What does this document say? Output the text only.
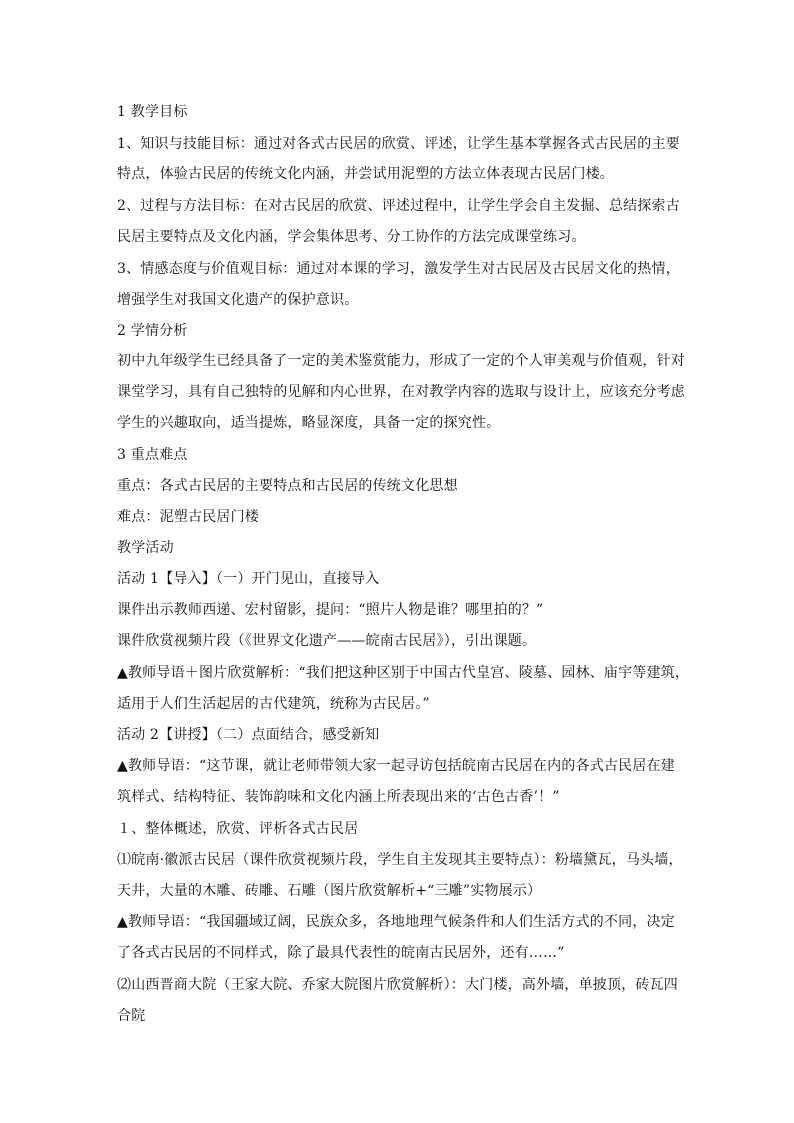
1 教学目标
1、知识与技能目标：通过对各式古民居的欣赏、评述，让学生基本掌握各式古民居的主要
特点，体验古民居的传统文化内涵，并尝试用泥塑的方法立体表现古民居门楼。
2、过程与方法目标：在对古民居的欣赏、评述过程中，让学生学会自主发掘、总结探索古
民居主要特点及文化内涵，学会集体思考、分工协作的方法完成课堂练习。
3、情感态度与价值观目标：通过对本课的学习，激发学生对古民居及古民居文化的热情，
增强学生对我国文化遗产的保护意识。
2 学情分析
初中九年级学生已经具备了一定的美术鉴赏能力，形成了一定的个人审美观与价值观，针对
课堂学习，具有自己独特的见解和内心世界，在对教学内容的选取与设计上，应该充分考虑
学生的兴趣取向，适当提炼，略显深度，具备一定的探究性。
3 重点难点
重点：各式古民居的主要特点和古民居的传统文化思想
难点：泥塑古民居门楼
教学活动
活动 1【导入】（一）开门见山，直接导入
课件出示教师西递、宏村留影，提问：“照片人物是谁？哪里拍的？”
课件欣赏视频片段（《世界文化遗产——皖南古民居》），引出课题。
▲教师导语＋图片欣赏解析：“我们把这种区别于中国古代皇宫、陵墓、园林、庙宇等建筑，
适用于人们生活起居的古代建筑，统称为古民居。”
活动 2【讲授】（二）点面结合，感受新知
▲教师导语：“这节课，就让老师带领大家一起寻访包括皖南古民居在内的各式古民居在建
筑样式、结构特征、装饰韵味和文化内涵上所表现出来的‘古色古香’！”
１、整体概述，欣赏、评析各式古民居
⑴皖南·徽派古民居（课件欣赏视频片段，学生自主发现其主要特点）：粉墙黛瓦，马头墙，
天井，大量的木雕、砖雕、石雕（图片欣赏解析+“三雕”实物展示）
▲教师导语：“我国疆域辽阔，民族众多，各地地理气候条件和人们生活方式的不同，决定
了各式古民居的不同样式，除了最具代表性的皖南古民居外，还有……”
⑵山西晋商大院（王家大院、乔家大院图片欣赏解析）：大门楼，高外墙，单披顶，砖瓦四
合院
